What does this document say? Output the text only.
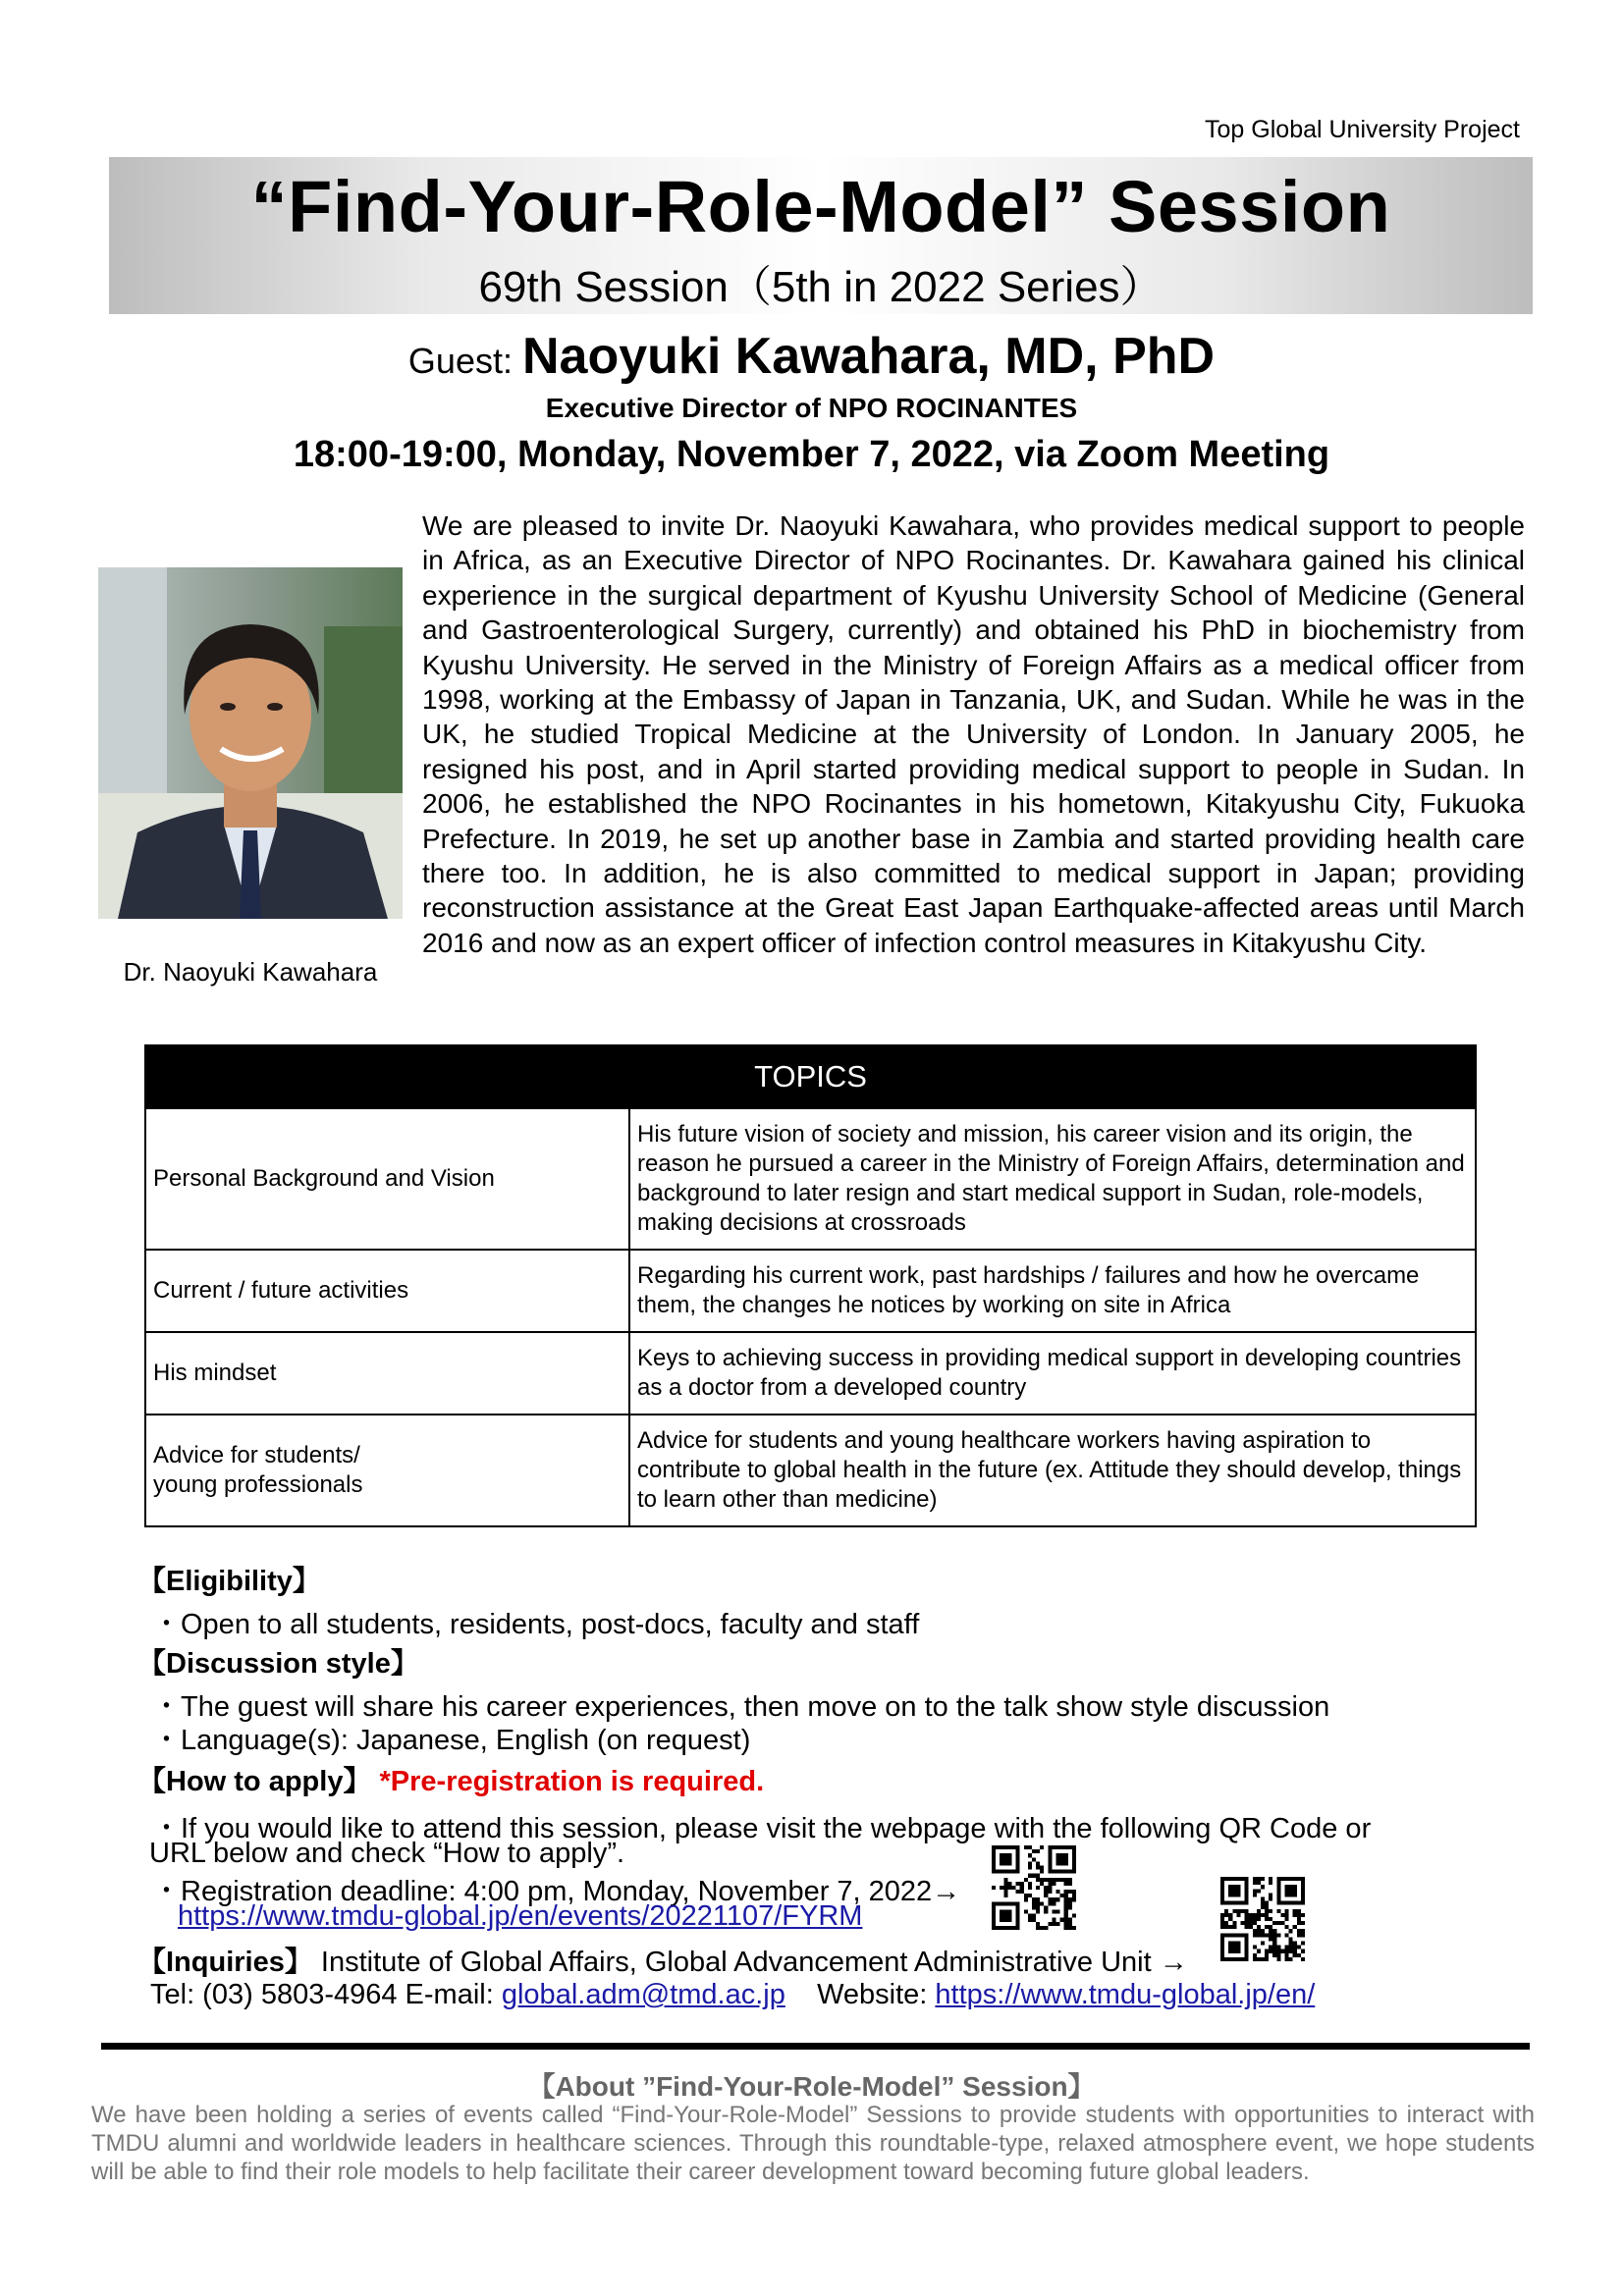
Top Global University Project
“Find-Your-Role-Model” Session
69th Session（5th in 2022 Series）
Guest: Naoyuki Kawahara, MD, PhD
Executive Director of NPO ROCINANTES
18:00-19:00, Monday, November 7, 2022, via Zoom Meeting
Dr. Naoyuki Kawahara
We are pleased to invite Dr. Naoyuki Kawahara, who provides medical support to people in Africa, as an Executive Director of NPO Rocinantes. Dr. Kawahara gained his clinical experience in the surgical department of Kyushu University School of Medicine (General and Gastroenterological Surgery, currently) and obtained his PhD in biochemistry from Kyushu University. He served in the Ministry of Foreign Affairs as a medical officer from 1998, working at the Embassy of Japan in Tanzania, UK, and Sudan. While he was in the UK, he studied Tropical Medicine at the University of London. In January 2005, he resigned his post, and in April started providing medical support to people in Sudan. In 2006, he established the NPO Rocinantes in his hometown, Kitakyushu City, Fukuoka Prefecture. In 2019, he set up another base in Zambia and started providing health care there too. In addition, he is also committed to medical support in Japan; providing reconstruction assistance at the Great East Japan Earthquake-affected areas until March 2016 and now as an expert officer of infection control measures in Kitakyushu City.
TOPICS	
Personal Background and Vision	His future vision of society and mission, his career vision and its origin, the reason he pursued a career in the Ministry of Foreign Affairs, determination and background to later resign and start medical support in Sudan, role-models, making decisions at crossroads
Current / future activities	Regarding his current work, past hardships / failures and how he overcame them, the changes he notices by working on site in Africa
His mindset	Keys to achieving success in providing medical support in developing countries as a doctor from a developed country

Advice for students/
young professionals	Advice for students and young healthcare workers having aspiration to contribute to global health in the future (ex. Attitude they should develop, things to learn other than medicine)
【Eligibility】
・Open to all students, residents, post-docs, faculty and staff
【Discussion style】
・The guest will share his career experiences, then move on to the talk show style discussion
・Language(s): Japanese, English (on request)
【How to apply】 *Pre-registration is required.
・If you would like to attend this session, please visit the webpage with the following QR Code or
URL below and check “How to apply”.
・Registration deadline: 4:00 pm, Monday, November 7, 2022→
https://www.tmdu-global.jp/en/events/20221107/FYRM
【Inquiries】 Institute of Global Affairs, Global Advancement Administrative Unit →
Tel: (03) 5803-4964 E-mail: global.adm@tmd.ac.jp Website: https://www.tmdu-global.jp/en/
【About ”Find-Your-Role-Model” Session】
We have been holding a series of events called “Find-Your-Role-Model” Sessions to provide students with opportunities to interact with TMDU alumni and worldwide leaders in healthcare sciences. Through this roundtable-type, relaxed atmosphere event, we hope students will be able to find their role models to help facilitate their career development toward becoming future global leaders.
